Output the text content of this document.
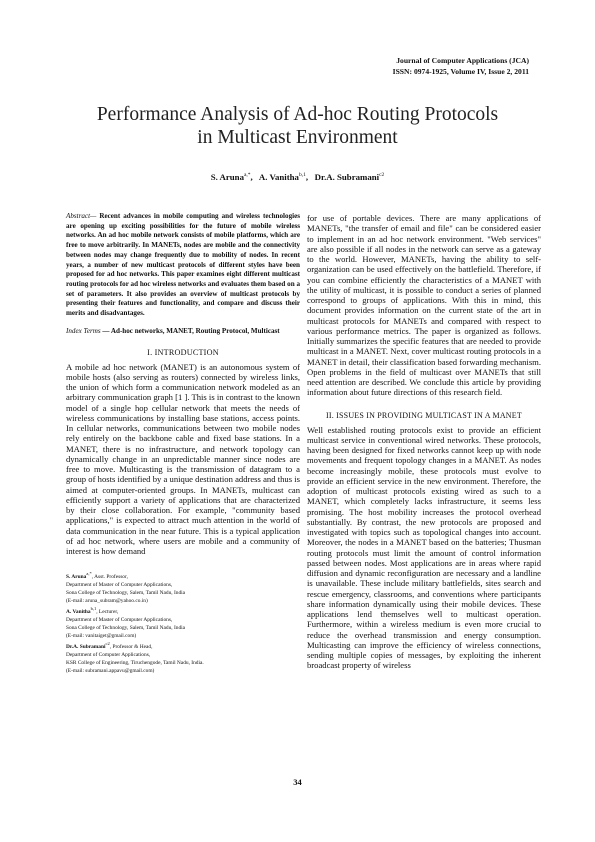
Journal of Computer Applications (JCA)
ISSN: 0974-1925, Volume IV, Issue 2, 2011
Performance Analysis of Ad-hoc Routing Protocols in Multicast Environment
S. Aruna$^{a,*}$,   A. Vanitha$^{b,1}$,   Dr.A. Subramani$^{c2}$

Abstract— Recent advances in mobile computing and wireless technologies are opening up exciting possibilities for the future of mobile wireless networks. An ad hoc mobile network consists of mobile platforms, which are free to move arbitrarily. In MANETs, nodes are mobile and the connectivity between nodes may change frequently due to mobility of nodes. In recent years, a number of new multicast protocols of different styles have been proposed for ad hoc networks. This paper examines eight different multicast routing protocols for ad hoc wireless networks and evaluates them based on a set of parameters. It also provides an overview of multicast protocols by presenting their features and functionality, and compare and discuss their merits and disadvantages.

Index Terms — Ad-hoc networks, MANET, Routing Protocol, Multicast

I. INTRODUCTION

A mobile ad hoc network (MANET) is an autonomous system of mobile hosts (also serving as routers) connected by wireless links, the union of which form a communication network modeled as an arbitrary communication graph [1 ]. This is in contrast to the known model of a single hop cellular network that meets the needs of wireless communications by installing base stations, access points. In cellular networks, communications between two mobile nodes rely entirely on the backbone cable and fixed base stations. In a MANET, there is no infrastructure, and network topology can dynamically change in an unpredictable manner since nodes are free to move. Multicasting is the transmission of datagram to a group of hosts identified by a unique destination address and thus is aimed at computer-oriented groups. In MANETs, multicast can efficiently support a variety of applications that are characterized by their close collaboration. For example, "community based applications," is expected to attract much attention in the world of data communication in the near future. This is a typical application of ad hoc network, where users are mobile and a community of interest is how demand

S. Aruna$^{a,*}$, Asst. Professor,
Department of Master of Computer Applications,
Sona College of Technology, Salem, Tamil Nadu, India
(E-mail: aruna_subram@yahoo.co.in)
A. Vanitha$^{b,1}$, Lecturer,
Department of Master of Computer Applications,
Sona College of Technology, Salem, Tamil Nadu, India
(E-mail: vanitaiget@gmail.com)
Dr.A. Subramani$^{c2}$, Professor & Head,
Department of Computer Applications,
KSR College of Engineering, Tiruchengode, Tamil Nadu, India.
(E-mail: subramani.appavu@gmail.com)

for use of portable devices. There are many applications of MANETs, "the transfer of email and file" can be considered easier to implement in an ad hoc network environment. "Web services" are also possible if all nodes in the network can serve as a gateway to the world. However, MANETs, having the ability to self-organization can be used effectively on the battlefield. Therefore, if you can combine efficiently the characteristics of a MANET with the utility of multicast, it is possible to conduct a series of planned correspond to groups of applications. With this in mind, this document provides information on the current state of the art in multicast protocols for MANETs and compared with respect to various performance metrics. The paper is organized as follows. Initially summarizes the specific features that are needed to provide multicast in a MANET. Next, cover multicast routing protocols in a MANET in detail, their classification based forwarding mechanism. Open problems in the field of multicast over MANETs that still need attention are described. We conclude this article by providing information about future directions of this research field.

II. ISSUES IN PROVIDING MULTICAST IN A MANET

Well established routing protocols exist to provide an efficient multicast service in conventional wired networks. These protocols, having been designed for fixed networks cannot keep up with node movements and frequent topology changes in a MANET. As nodes become increasingly mobile, these protocols must evolve to provide an efficient service in the new environment. Therefore, the adoption of multicast protocols existing wired as such to a MANET, which completely lacks infrastructure, it seems less promising. The host mobility increases the protocol overhead substantially. By contrast, the new protocols are proposed and investigated with topics such as topological changes into account. Moreover, the nodes in a MANET based on the batteries; Thusman routing protocols must limit the amount of control information passed between nodes. Most applications are in areas where rapid diffusion and dynamic reconfiguration are necessary and a landline is unavailable. These include military battlefields, sites search and rescue emergency, classrooms, and conventions where participants share information dynamically using their mobile devices. These applications lend themselves well to multicast operation. Furthermore, within a wireless medium is even more crucial to reduce the overhead transmission and energy consumption. Multicasting can improve the efficiency of wireless connections, sending multiple copies of messages, by exploiting the inherent broadcast property of wireless

34
